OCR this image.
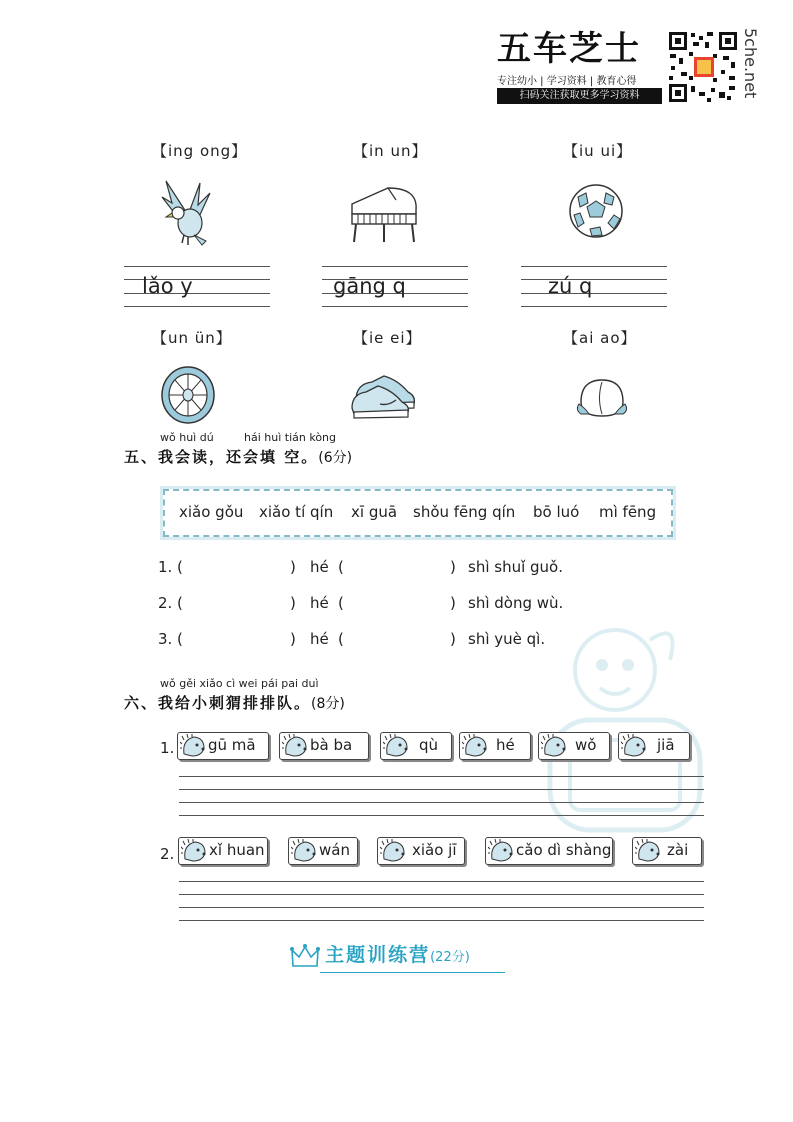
五车芝士
专注幼小 | 学习资料 | 教育心得
扫码关注获取更多学习资料	5che.net
【ing ong】	【in un】	【iu ui】
lǎo y	gāng q	zú q
【un ün】	【ie ei】	【ai ao】
wǒ huì dú	hái huì tián kòng
五、我会读，还会填 空。(6分)
xiǎo gǒu xiǎo tí qín xī guā shǒu fēng qín bō luó mì fēng
1. (	) hé (	) shì shuǐ guǒ.
2. (	) hé (	) shì dòng wù.
3. (	) hé (	) shì yuè qì.
wǒ gěi xiǎo cì wei pái pai duì
六、我给小刺猬排排队。(8分)
1. gū mā	bà ba	qù	hé	wǒ	jiā
2. xǐ huan	wán	xiǎo jī	cǎo dì shàng	zài
主题训练营(22分)
